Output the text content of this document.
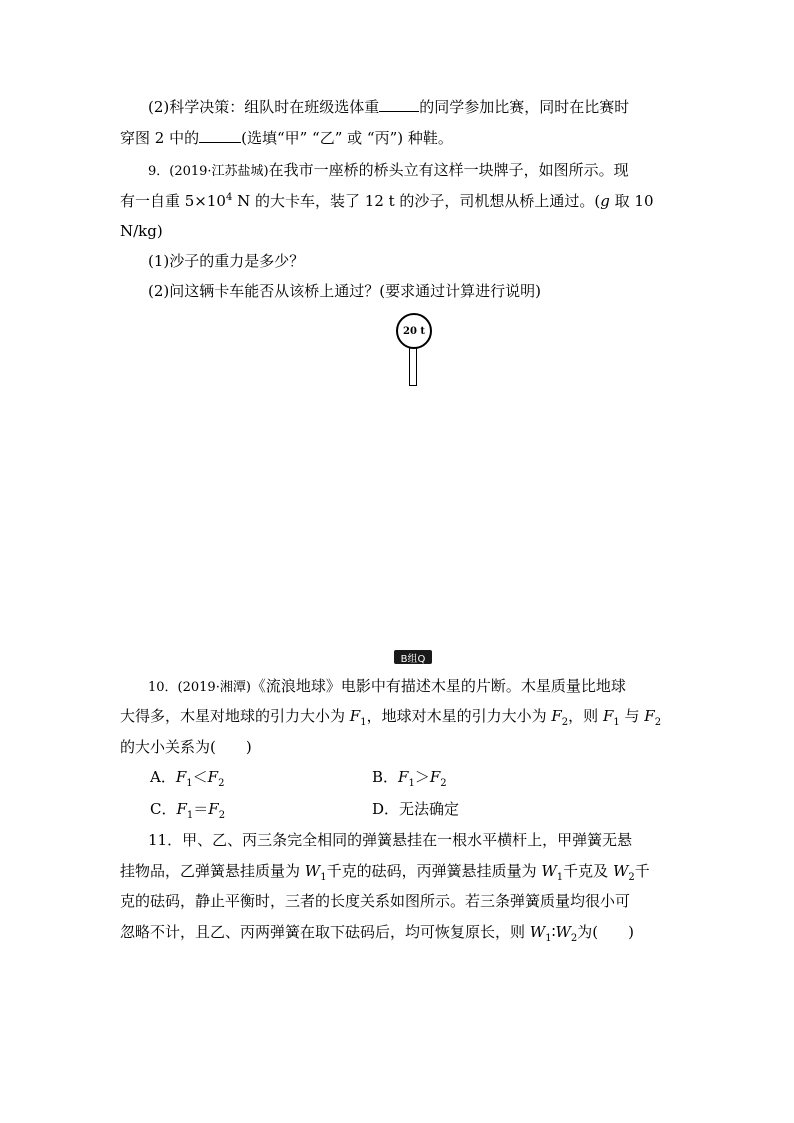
(2)科学决策：组队时在班级选体重	的同学参加比赛，同时在比赛时
穿图 2 中的	(选填“甲” “乙” 或 “丙”) 种鞋。
9．(2019·江苏盐城)在我市一座桥的桥头立有这样一块牌子，如图所示。现
有一自重 $5\times 10^4$ N 的大卡车，装了 12 t 的沙子，司机想从桥上通过。(g 取 10
N/kg)
(1)沙子的重力是多少？
(2)问这辆卡车能否从该桥上通过？(要求通过计算进行说明)
20 t
B组Q
10．(2019·湘潭)《流浪地球》电影中有描述木星的片断。木星质量比地球
大得多，木星对地球的引力大小为 $F_1$，地球对木星的引力大小为 $F_2$，则 $F_1$ 与 $F_2$
的大小关系为(　　)
A．$F_1<F_2$	B．$F_1>F_2$
C．$F_1=F_2$	D．无法确定
11．甲、乙、丙三条完全相同的弹簧悬挂在一根水平横杆上，甲弹簧无悬
挂物品，乙弹簧悬挂质量为 $W_1$千克的砝码，丙弹簧悬挂质量为 $W_1$千克及 $W_2$千
克的砝码，静止平衡时，三者的长度关系如图所示。若三条弹簧质量均很小可
忽略不计，且乙、丙两弹簧在取下砝码后，均可恢复原长，则 $W_1∶W_2$为(　　)
